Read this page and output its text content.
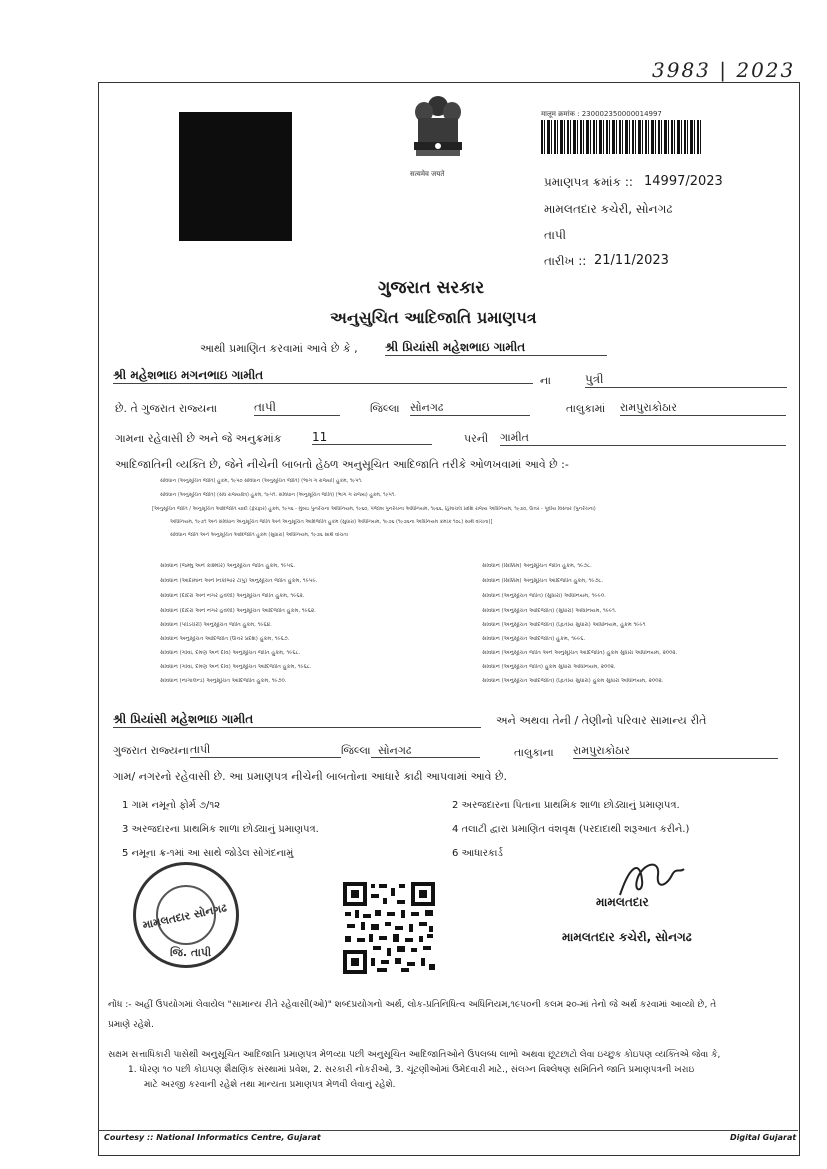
3983 | 2023
सत्यमेव जयते
मालूम क्रमांक : 230002350000014997
પ્રમાણપત્ર ક્રમાંક :: 14997/2023
મામલતદાર કચેરી, સોનગઢ
તાપી
તારીખ :: 21/11/2023
ગુજરાત સરકાર
અનુસુચિત આદિજાતિ પ્રમાણપત્ર
આથી પ્રમાણિત કરવામાં આવે છે કે , શ્રી પ્રિયાંસી મહેશભાઇ ગામીત
શ્રી મહેશભાઇ મગનભાઇ ગામીત	ના	પુત્રી
છે. તે ગુજરાત રાજ્યના	તાપી	જિલ્લા સોનગઢ	તાલુકામાં રામપુરાકોઠાર
ગામના રહેવાસી છે અને જે અનુક્રમાંક	11	પરની ગામીત
આદિજાતિની વ્યક્તિ છે, જેને નીચેની બાબતો હેઠળ અનુસૂચિત આદિજાતિ તરીકે ઓળખવામાં આવે છે :-
સંવિધાન (અનુસૂચિત જાતિ) હુકમ, ૧૯૫૦ સંવિધાન (અનુસૂચિત જાતિ) (ભાગ ગ રાજ્યો) હુકમ, ૧૯૫૧.
સંવિધાન (અનુસૂચિત જાતિ) (સંઘ રાજ્યક્ષેત્ર) હુકમ, ૧૯૫૧. સંવિધાન (અનુસૂચિત જાતિ) (ભાગ ગ રાજ્ય) હુકમ, ૧૯૫૧.
[અનુસૂચિત જાતિ / અનુસૂચિત આદિજાતિ યાદી (ફેરફાર) હુકમ, ૧૯૫૬ - મુંબઇ પુનર્રચના અધિનિયમ, ૧૯૬૦, પંજાબ પુનર્રચના અધિનિયમ, ૧૯૬૬, હિમાચલ પ્રદેશ રાજ્ય અધિનિયમ, ૧૯૭૦, ઉત્તર - પૂર્વીય વિસ્તાર (પુનર્રચના)
અધિનિયમ, ૧૯૭૧ અને સંવિધાન અનુસૂચિત જાતિ અને અનુસૂચિત આદિજાતિ હુકમ (સુધારા) અધિનિયમ, ૧૯૭૬ (૧૯૭૬ના અધિનિયમ ક્રમાંક ૧૦૮) સાથે વાંચતા)]
સંવિધાન જાતિ અને અનુસૂચિત આદિજાતિ હુકમ (સુધારા) અધિનિયમ, ૧૯૭૬ સાથે વાંચતા
સંવિધાન (જમ્મુ અને કાશ્મીર) અનુસૂચિત જાતિ હુકમ, ૧૯૫૬.
સંવિધાન (આંદામાન અને નિકોબાર ટાપુ) અનુસૂચિત જાતિ હુકમ, ૧૯૫૯.
સંવિધાન (દાદરા અને નગર હવેલી) અનુસૂચિત જાતિ હુકમ, ૧૯૬૨.
સંવિધાન (દાદરા અને નગર હવેલી) અનુસૂચિત આદિજાતિ હુકમ, ૧૯૬૨.
સંવિધાન (પોંડિચેરી) અનુસૂચિત જાતિ હુકમ, ૧૯૬૪.
સંવિધાન અનુસૂચિત આદિજાતિ (ઉત્તર પ્રદેશ) હુકમ, ૧૯૬૭.
સંવિધાન (ગોવા, દમણ અને દીવ) અનુસૂચિત જાતિ હુકમ, ૧૯૬૮.
સંવિધાન (ગોવા, દમણ અને દીવ) અનુસૂચિત આદિજાતિ હુકમ, ૧૯૬૮.
સંવિધાન (નાગાલેન્ડ) અનુસૂચિત આદિજાતિ હુકમ, ૧૯૭૦.
સંવિધાન (સિક્કિમ) અનુસૂચિત જાતિ હુકમ, ૧૯૭૮.
સંવિધાન (સિક્કિમ) અનુસૂચિત આદિજાતિ હુકમ, ૧૯૭૮.
સંવિધાન (અનુસૂચિત જાતિ) (સુધારા) અધિનિયમ, ૧૯૯૦.
સંવિધાન (અનુસૂચિત આદિજાતિ) (સુધારા) અધિનિયમ, ૧૯૯૧.
સંવિધાન (અનુસૂચિત આદિજાતિ) (દ્વિતીય સુધારા) અધિનિયમ, હુકમ ૧૯૯૧
સંવિધાન (અનુસૂચિત આદિજાતિ) હુકમ, ૧૯૯૬.
સંવિધાન (અનુસૂચિત જાતિ અને અનુસૂચિત આદિજાતિ) હુકમ સુધારા અધિનિયમ, ૨૦૦૨.
સંવિધાન (અનુસૂચિત જાતિ) હુકમ સુધારા અધિનિયમ, ૨૦૦૨.
સંવિધાન (અનુસૂચિત આદિજાતિ) (દ્વિતીય સુધારા) હુકમ સુધારા અધિનિયમ, ૨૦૦૨.
શ્રી પ્રિયાંસી મહેશભાઇ ગામીત	અને અથવા તેની / તેણીનો પરિવાર સામાન્ય રીતે
ગુજરાત રાજ્યના તાપી	જિલ્લા સોનગઢ	તાલુકાના રામપુરાકોઠાર
ગામ/ નગરનો રહેવાસી છે. આ પ્રમાણપત્ર નીચેની બાબતોના આધારે કાઢી આપવામાં આવે છે.
1 ગામ નમૂનો ફોર્મ ૭/૧૨	2 અરજદારના પિતાના પ્રાથમિક શાળા છોડ્યાનું પ્રમાણપત્ર.
3 અરજદારના પ્રાથમિક શાળા છોડ્યાનું પ્રમાણપત્ર.	4 તલાટી દ્વારા પ્રમાણિત વંશવૃક્ષ (પરદાદાથી શરૂઆત કરીને.)
5 નમૂના ક્ર-૧માં આ સાથે જોડેલ સોગંદનામું	6 આધારકાર્ડ
મામલતદાર સોનગઢ
જિ. તાપી
મામલતદાર
મામલતદાર કચેરી, સોનગઢ
નોંધ :- અહીં ઉપયોગમાં લેવાયેલ "સામાન્ય રીતે રહેવાસી(ઓ)" શબ્દપ્રયોગનો અર્થ, લોક-પ્રતિનિધિત્વ અધિનિયમ,૧૯૫૦ની કલમ ૨૦-માં તેનો જે અર્થ કરવામાં આવ્યો છે, તે
પ્રમાણે રહેશે.
સક્ષમ સત્તાધિકારી પાસેથી અનુસૂચિત આદિજાતિ પ્રમાણપત્ર મેળવ્યા પછી અનુસૂચિત આદિજાતિઓને ઉપલબ્ધ લાભો અથવા છૂટછાટો લેવા ઇચ્છુક કોઇપણ વ્યક્તિએ જેવા કે,
1. ધોરણ ૧૦ પછી કોઇપણ શૈક્ષણિક સંસ્થામાં પ્રવેશ, 2. સરકારી નોકરીઓ, 3. ચૂંટણીઓમાં ઉમેદવારી માટે., સંલગ્ન વિશ્લેષણ સમિતિને જાતિ પ્રમાણપત્રની ખરાઇ
માટે અરજી કરવાની રહેશે તથા માન્યતા પ્રમાણપત્ર મેળવી લેવાનું રહેશે.
Courtesy :: National Informatics Centre, Gujarat	Digital Gujarat
